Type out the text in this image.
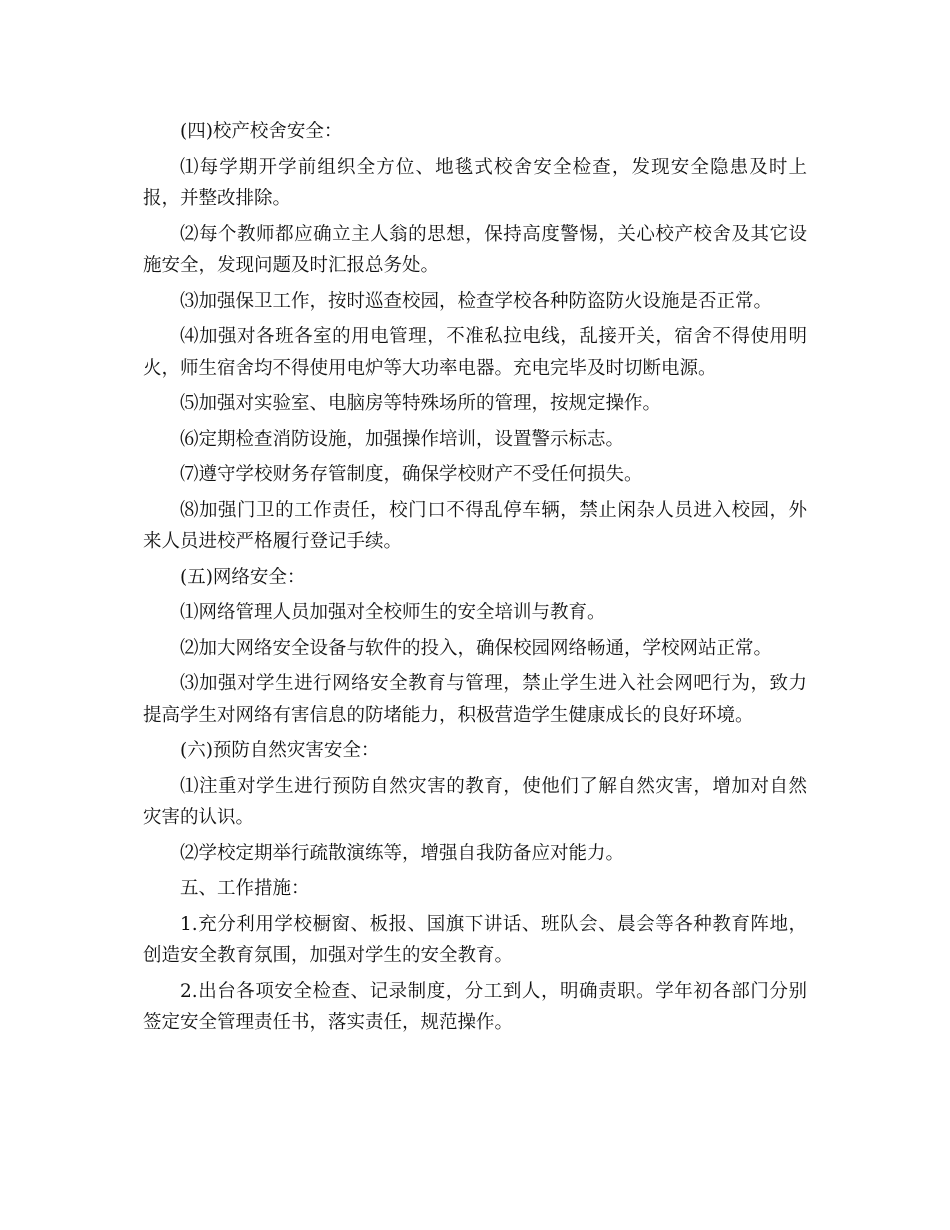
(四)校产校舍安全：

⑴每学期开学前组织全方位、地毯式校舍安全检查，发现安全隐患及时上报，并整改排除。

⑵每个教师都应确立主人翁的思想，保持高度警惕，关心校产校舍及其它设施安全，发现问题及时汇报总务处。

⑶加强保卫工作，按时巡查校园，检查学校各种防盗防火设施是否正常。

⑷加强对各班各室的用电管理，不准私拉电线，乱接开关，宿舍不得使用明火，师生宿舍均不得使用电炉等大功率电器。充电完毕及时切断电源。

⑸加强对实验室、电脑房等特殊场所的管理，按规定操作。

⑹定期检查消防设施，加强操作培训，设置警示标志。

⑺遵守学校财务存管制度，确保学校财产不受任何损失。

⑻加强门卫的工作责任，校门口不得乱停车辆，禁止闲杂人员进入校园，外来人员进校严格履行登记手续。

(五)网络安全：

⑴网络管理人员加强对全校师生的安全培训与教育。

⑵加大网络安全设备与软件的投入，确保校园网络畅通，学校网站正常。

⑶加强对学生进行网络安全教育与管理，禁止学生进入社会网吧行为，致力提高学生对网络有害信息的防堵能力，积极营造学生健康成长的良好环境。

(六)预防自然灾害安全：

⑴注重对学生进行预防自然灾害的教育，使他们了解自然灾害，增加对自然灾害的认识。

⑵学校定期举行疏散演练等，增强自我防备应对能力。

五、工作措施：

1.充分利用学校橱窗、板报、国旗下讲话、班队会、晨会等各种教育阵地，创造安全教育氛围，加强对学生的安全教育。

2.出台各项安全检查、记录制度，分工到人，明确责职。学年初各部门分别签定安全管理责任书，落实责任，规范操作。
